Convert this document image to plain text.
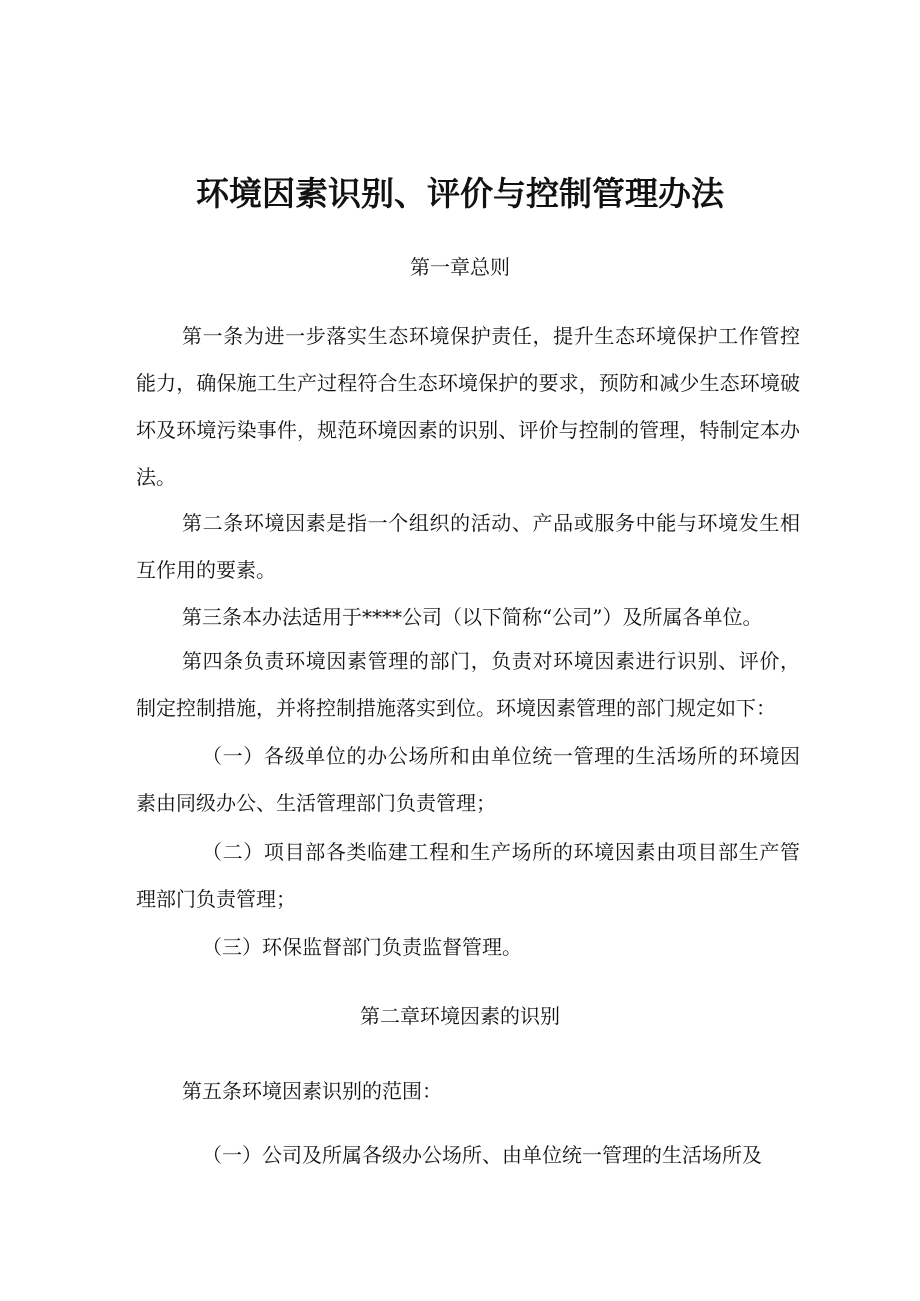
环境因素识别、评价与控制管理办法

第一章总则

第一条为进一步落实生态环境保护责任，提升生态环境保护工作管控能力，确保施工生产过程符合生态环境保护的要求，预防和减少生态环境破坏及环境污染事件，规范环境因素的识别、评价与控制的管理，特制定本办法。

第二条环境因素是指一个组织的活动、产品或服务中能与环境发生相互作用的要素。

第三条本办法适用于****公司（以下简称“公司”）及所属各单位。

第四条负责环境因素管理的部门，负责对环境因素进行识别、评价，制定控制措施，并将控制措施落实到位。环境因素管理的部门规定如下：

（一）各级单位的办公场所和由单位统一管理的生活场所的环境因素由同级办公、生活管理部门负责管理；

（二）项目部各类临建工程和生产场所的环境因素由项目部生产管理部门负责管理；

（三）环保监督部门负责监督管理。

第二章环境因素的识别

第五条环境因素识别的范围：

（一）公司及所属各级办公场所、由单位统一管理的生活场所及
